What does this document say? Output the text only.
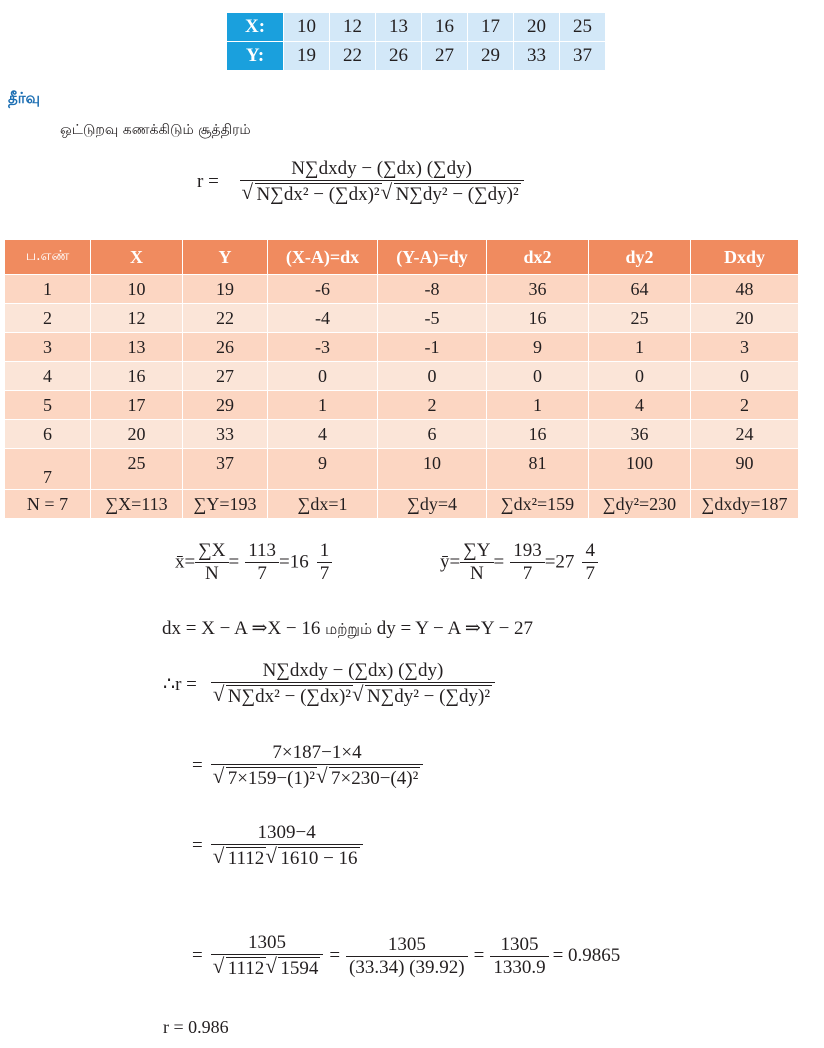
X:	10	12	13	16	17	20	25
Y:	19	22	26	27	29	33	37
தீர்வு
ஒட்டுறவு கணக்கிடும் சூத்திரம்
r = N∑dxdy − (∑dx) (∑dy)
√ N∑dx² − (∑dx)² √ N∑dy² − (∑dy)²
ப.எண்	X	Y	(X-A)=dx	(Y-A)=dy	dx2	dy2	Dxdy
1	10	19	-6	-8	36	64	48
2	12	22	-4	-5	16	25	20
3	13	26	-3	-1	9	1	3
4	16	27	0	0	0	0	0
5	17	29	1	2	1	4	2
6	20	33	4	6	16	36	24
7	25	37	9	10	81	100	90
N = 7	∑X=113	∑Y=193	∑dx=1	∑dy=4	∑dx²=159	∑dy²=230	∑dxdy=187
x̄= $\frac{\sum X}{N} = \frac{113}{7} =16 \frac{1}{7}$	ȳ= $\frac{\sum Y}{N} = \frac{193}{7} =27 \frac{4}{7}$
dx = X − A ⇒X − 16 மற்றும் dy = Y − A ⇒Y − 27
∴r = N∑dxdy − (∑dx) (∑dy)
√ N∑dx² − (∑dx)² √ N∑dy² − (∑dy)²
= 7×187−1×4
√ 7×159−(1)² √ 7×230−(4)²
= 1309−4
√ 1112 √ 1610 − 16
= 1305
√ 1112 √ $1594 = \frac{1305}{(33.34) (39.92)} = \frac{1305}{1330.9} = 0.9865$
r = 0.986
